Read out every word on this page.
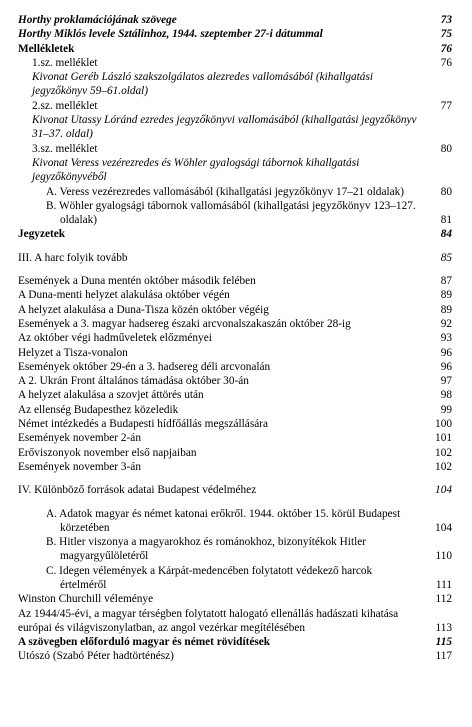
Horthy proklamációjának szövege	73
Horthy Miklós levele Sztálinhoz, 1944. szeptember 27-i dátummal	75
Mellékletek	76
1.sz. melléklet	76
Kivonat Geréb László szakszolgálatos alezredes vallomásából (kihallgatási jegyzőkönyv 59–61.oldal)
2.sz. melléklet	77
Kivonat Utassy Lóránd ezredes jegyzőkönyvi vallomásából (kihallgatási jegyzőkönyv 31–37. oldal)
3.sz. melléklet	80
Kivonat Veress vezérezredes és Wöhler gyalogsági tábornok kihallgatási jegyzőkönyvéből
A. Veress vezérezredes vallomásából (kihallgatási jegyzőkönyv 17–21 oldalak)	80
B. Wöhler gyalogsági tábornok vallomásából (kihallgatási jegyzőkönyv 123–127. oldalak)	81
Jegyzetek	84
III. A harc folyik tovább	85
Események a Duna mentén október második felében	87
A Duna-menti helyzet alakulása október végén	89
A helyzet alakulása a Duna-Tisza közén október végéig	89
Események a 3. magyar hadsereg északi arcvonalszakaszán október 28-ig	92
Az október végi hadműveletek előzményei	93
Helyzet a Tisza-vonalon	96
Események október 29-én a 3. hadsereg déli arcvonalán	96
A 2. Ukrán Front általános támadása október 30-án	97
A helyzet alakulása a szovjet áttörés után	98
Az ellenség Budapesthez közeledik	99
Német intézkedés a Budapesti hídfőállás megszállására	100
Események november 2-án	101
Erőviszonyok november első napjaiban	102
Események november 3-án	102
IV. Különböző források adatai Budapest védelméhez	104
A. Adatok magyar és német katonai erőkről. 1944. október 15. körül Budapest körzetében	104
B. Hitler viszonya a magyarokhoz és románokhoz, bizonyítékok Hitler magyargyűlöletéről	110
C. Idegen vélemények a Kárpát-medencében folytatott védekező harcok értelméről	111
Winston Churchill véleménye	112
Az 1944/45-évi, a magyar térségben folytatott halogató ellenállás hadászati kihatása európai és világviszonylatban, az angol vezérkar megítélésében	113
A szövegben előforduló magyar és német rövidítések	115
Utószó (Szabó Péter hadtörténész)	117
